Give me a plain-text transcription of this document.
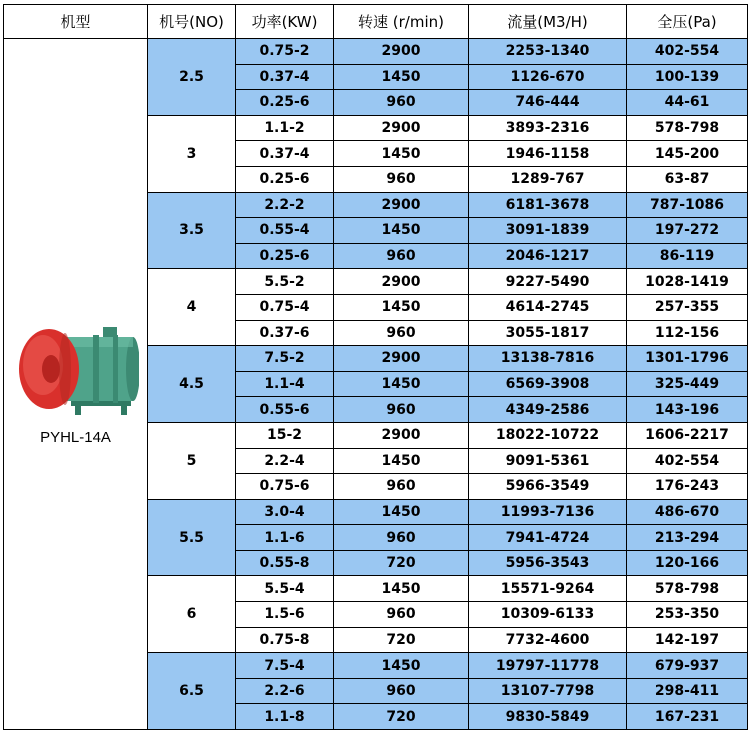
机型	机号(NO)	功率(KW)	转速 (r/min)	流量(M3/H)	全压(Pa)

PYHL-14A	2.5	0.75-2	2900	2253-1340	402-554
		0.37-4	1450	1126-670	100-139
		0.25-6	960	746-444	44-61
	3	1.1-2	2900	3893-2316	578-798
		0.37-4	1450	1946-1158	145-200
		0.25-6	960	1289-767	63-87
	3.5	2.2-2	2900	6181-3678	787-1086
		0.55-4	1450	3091-1839	197-272
		0.25-6	960	2046-1217	86-119
	4	5.5-2	2900	9227-5490	1028-1419
		0.75-4	1450	4614-2745	257-355
		0.37-6	960	3055-1817	112-156
	4.5	7.5-2	2900	13138-7816	1301-1796
		1.1-4	1450	6569-3908	325-449
		0.55-6	960	4349-2586	143-196
	5	15-2	2900	18022-10722	1606-2217
		2.2-4	1450	9091-5361	402-554
		0.75-6	960	5966-3549	176-243
	5.5	3.0-4	1450	11993-7136	486-670
		1.1-6	960	7941-4724	213-294
		0.55-8	720	5956-3543	120-166
	6	5.5-4	1450	15571-9264	578-798
		1.5-6	960	10309-6133	253-350
		0.75-8	720	7732-4600	142-197
	6.5	7.5-4	1450	19797-11778	679-937
		2.2-6	960	13107-7798	298-411
		1.1-8	720	9830-5849	167-231
